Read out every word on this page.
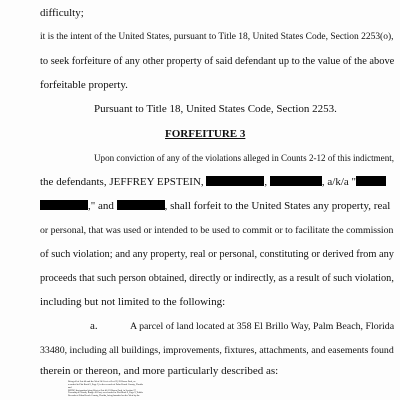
difficulty;
it is the intent of the United States, pursuant to Title 18, United States Code, Section 2253(o),
to seek forfeiture of any other property of said defendant up to the value of the above
forfeitable property.
Pursuant to Title 18, United States Code, Section 2253.
FORFEITURE 3
Upon conviction of any of the violations alleged in Counts 2-12 of this indictment,
the defendants, JEFFREY EPSTEIN,	,	, a/k/a "
," and	, shall forfeit to the United States any property, real
or personal, that was used or intended to be used to commit or to facilitate the commission
of such violation; and any property, real or personal, constituting or derived from any
proceeds that such person obtained, directly or indirectly, as a result of such violation,
including but not limited to the following:
a.	A parcel of land located at 358 El Brillo Way, Palm Beach, Florida
33480, including all buildings, improvements, fixtures, attachments, and easements found
therein or thereon, and more particularly described as:
Being all of Lot 40 and the West 24.3 feet of Lot 39, El Bravo Park, as
recorded in Plat Book 9, Page 9, in the records of Palm Beach County, Florida
and
BEING that portion lying West of Lot 40, El Bravo Park, in Section 27,
Township 43 South, Range 43 East, as recorded in Plat Book 9, Page 9, Public
Records of Palm Beach County, Florida, being bounded on the West by the
